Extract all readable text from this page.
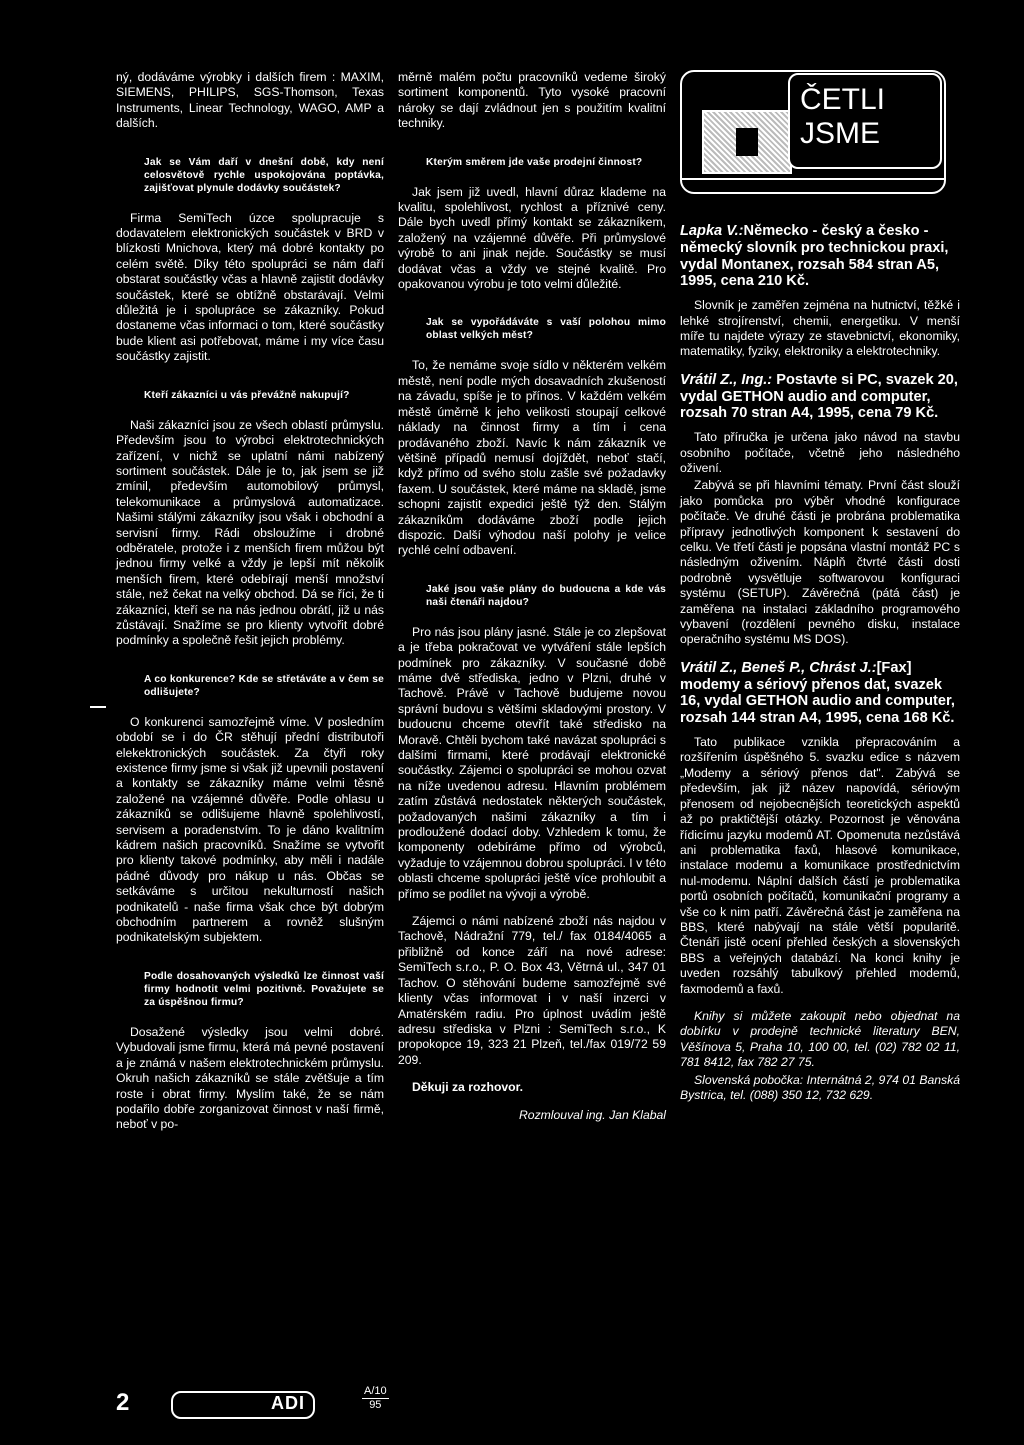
ný, dodáváme výrobky i dalších firem : MAXIM, SIEMENS, PHILIPS, SGS-Thomson, Texas Instruments, Linear Technology, WAGO, AMP a dalších.

Jak se Vám daří v dnešní době, kdy není celosvětově rychle uspokojována poptávka, zajišťovat plynule dodávky součástek?

Firma SemiTech úzce spolupracuje s dodavatelem elektronických součástek v BRD v blízkosti Mnichova, který má dobré kontakty po celém světě. Díky této spolupráci se nám daří obstarat součástky včas a hlavně zajistit dodávky součástek, které se obtížně obstarávají. Velmi důležitá je i spolupráce se zákazníky. Pokud dostaneme včas informaci o tom, které součástky bude klient asi potřebovat, máme i my více času součástky zajistit.

Kteří zákazníci u vás převážně nakupují?

Naši zákazníci jsou ze všech oblastí průmyslu. Především jsou to výrobci elektrotechnických zařízení, v nichž se uplatní námi nabízený sortiment součástek. Dále je to, jak jsem se již zmínil, především automobilový průmysl, telekomunikace a průmyslová automatizace. Našimi stálými zákazníky jsou však i obchodní a servisní firmy. Rádi obsloužíme i drobné odběratele, protože i z menších firem můžou být jednou firmy velké a vždy je lepší mít několik menších firem, které odebírají menší množství stále, než čekat na velký obchod. Dá se říci, že ti zákazníci, kteří se na nás jednou obrátí, již u nás zůstávají. Snažíme se pro klienty vytvořit dobré podmínky a společně řešit jejich problémy.

A co konkurence? Kde se střetáváte a v čem se odlišujete?

O konkurenci samozřejmě víme. V posledním období se i do ČR stěhují přední distributoři elekektronických součástek. Za čtyři roky existence firmy jsme si však již upevnili postavení a kontakty se zákazníky máme velmi těsně založené na vzájemné důvěře. Podle ohlasu u zákazníků se odlišujeme hlavně spolehlivostí, servisem a poradenstvím. To je dáno kvalitním kádrem našich pracovníků. Snažíme se vytvořit pro klienty takové podmínky, aby měli i nadále pádné důvody pro nákup u nás. Občas se setkáváme s určitou nekulturností našich podnikatelů - naše firma však chce být dobrým obchodním partnerem a rovněž slušným podnikatelským subjektem.

Podle dosahovaných výsledků lze činnost vaší firmy hodnotit velmi pozitivně. Považujete se za úspěšnou firmu?

Dosažené výsledky jsou velmi dobré. Vybudovali jsme firmu, která má pevné postavení a je známá v našem elektrotechnickém průmyslu. Okruh našich zákazníků se stále zvětšuje a tím roste i obrat firmy. Myslím také, že se nám podařilo dobře zorganizovat činnost v naší firmě, neboť v po-

měrně malém počtu pracovníků vedeme široký sortiment komponentů. Tyto vysoké pracovní nároky se dají zvládnout jen s použitím kvalitní techniky.

Kterým směrem jde vaše prodejní činnost?

Jak jsem již uvedl, hlavní důraz klademe na kvalitu, spolehlivost, rychlost a příznivé ceny. Dále bych uvedl přímý kontakt se zákazníkem, založený na vzájemné důvěře. Při průmyslové výrobě to ani jinak nejde. Součástky se musí dodávat včas a vždy ve stejné kvalitě. Pro opakovanou výrobu je toto velmi důležité.

Jak se vypořádáváte s vaší polohou mimo oblast velkých měst?

To, že nemáme svoje sídlo v některém velkém městě, není podle mých dosavadních zkušeností na závadu, spíše je to přínos. V každém velkém městě úměrně k jeho velikosti stoupají celkové náklady na činnost firmy a tím i cena prodávaného zboží. Navíc k nám zákazník ve většině případů nemusí dojíždět, neboť stačí, když přímo od svého stolu zašle své požadavky faxem. U součástek, které máme na skladě, jsme schopni zajistit expedici ještě týž den. Stálým zákazníkům dodáváme zboží podle jejich dispozic. Další výhodou naší polohy je velice rychlé celní odbavení.

Jaké jsou vaše plány do budoucna a kde vás naši čtenáři najdou?

Pro nás jsou plány jasné. Stále je co zlepšovat a je třeba pokračovat ve vytváření stále lepších podmínek pro zákazníky. V současné době máme dvě střediska, jedno v Plzni, druhé v Tachově. Právě v Tachově budujeme novou správní budovu s většími skladovými prostory. V budoucnu chceme otevřít také středisko na Moravě. Chtěli bychom také navázat spolupráci s dalšími firmami, které prodávají elektronické součástky. Zájemci o spolupráci se mohou ozvat na níže uvedenou adresu. Hlavním problémem zatím zůstává nedostatek některých součástek, požadovaných našimi zákazníky a tím i prodloužené dodací doby. Vzhledem k tomu, že komponenty odebíráme přímo od výrobců, vyžaduje to vzájemnou dobrou spolupráci. I v této oblasti chceme spolupráci ještě více prohloubit a přímo se podílet na vývoji a výrobě.

Zájemci o námi nabízené zboží nás najdou v Tachově, Nádražní 779, tel./ fax 0184/4065 a přibližně od konce září na nové adrese: SemiTech s.r.o., P. O. Box 43, Větrná ul., 347 01 Tachov. O stěhování budeme samozřejmě své klienty včas informovat i v naší inzerci v Amatérském radiu. Pro úplnost uvádím ještě adresu střediska v Plzni : SemiTech s.r.o., K propokopce 19, 323 21 Plzeň, tel./fax 019/72 59 209.

Děkuji za rozhovor.

Rozmlouval ing. Jan Klabal

ČETLI
JSME

Lapka V.:Německo - český a česko - německý slovník pro technickou praxi, vydal Montanex, rozsah 584 stran A5, 1995, cena 210 Kč.

Slovník je zaměřen zejména na hutnictví, těžké i lehké strojírenství, chemii, energetiku. V menší míře tu najdete výrazy ze stavebnictví, ekonomiky, matematiky, fyziky, elektroniky a elektrotechniky.

Vrátil Z., Ing.: Postavte si PC, svazek 20, vydal GETHON audio and computer, rozsah 70 stran A4, 1995, cena 79 Kč.

Tato příručka je určena jako návod na stavbu osobního počítače, včetně jeho následného oživení.

Zabývá se při hlavními tématy. První část slouží jako pomůcka pro výběr vhodné konfigurace počítače. Ve druhé části je probrána problematika přípravy jednotlivých komponent k sestavení do celku. Ve třetí části je popsána vlastní montáž PC s následným oživením. Náplň čtvrté části dosti podrobně vysvětluje softwarovou konfiguraci systému (SETUP). Závěrečná (pátá část) je zaměřena na instalaci základního programového vybavení (rozdělení pevného disku, instalace operačního systému MS DOS).

Vrátil Z., Beneš P., Chrást J.:[Fax] modemy a sériový přenos dat, svazek 16, vydal GETHON audio and computer, rozsah 144 stran A4, 1995, cena 168 Kč.

Tato publikace vznikla přepracováním a rozšířením úspěšného 5. svazku edice s názvem „Modemy a sériový přenos dat". Zabývá se především, jak již název napovídá, sériovým přenosem od nejobecnějších teoretických aspektů až po praktičtější otázky. Pozornost je věnována řídicímu jazyku modemů AT. Opomenuta nezůstává ani problematika faxů, hlasové komunikace, instalace modemu a komunikace prostřednictvím nul-modemu. Náplní dalších částí je problematika portů osobních počítačů, komunikační programy a vše co k nim patří. Závěrečná část je zaměřena na BBS, které nabývají na stále větší popularitě. Čtenáři jistě ocení přehled českých a slovenských BBS a veřejných databází. Na konci knihy je uveden rozsáhlý tabulkový přehled modemů, faxmodemů a faxů.

Knihy si můžete zakoupit nebo objednat na dobírku v prodejně technické literatury BEN, Věšínova 5, Praha 10, 100 00, tel. (02) 782 02 11, 781 8412, fax 782 27 75.

Slovenská pobočka: Internátná 2, 974 01 Banská Bystrica, tel. (088) 350 12, 732 629.

2	ADI
A/10
95
